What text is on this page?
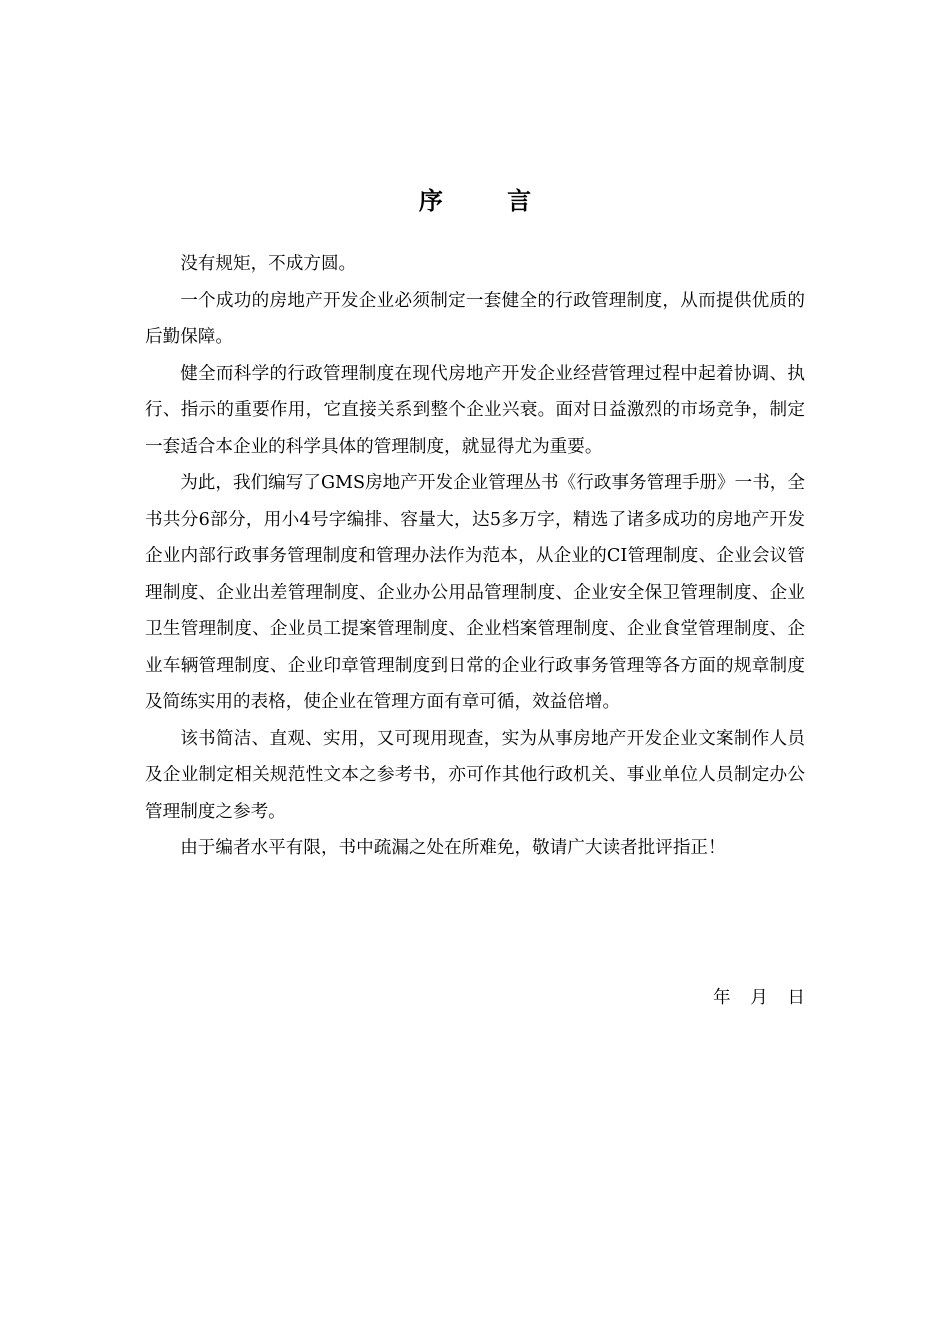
序 言

没有规矩，不成方圆。

一个成功的房地产开发企业必须制定一套健全的行政管理制度，从而提供优质的后勤保障。

健全而科学的行政管理制度在现代房地产开发企业经营管理过程中起着协调、执行、指示的重要作用，它直接关系到整个企业兴衰。面对日益激烈的市场竞争，制定一套适合本企业的科学具体的管理制度，就显得尤为重要。

为此，我们编写了GMS房地产开发企业管理丛书《行政事务管理手册》一书，全书共分6部分，用小4号字编排、容量大，达5多万字，精选了诸多成功的房地产开发企业内部行政事务管理制度和管理办法作为范本，从企业的CI管理制度、企业会议管理制度、企业出差管理制度、企业办公用品管理制度、企业安全保卫管理制度、企业卫生管理制度、企业员工提案管理制度、企业档案管理制度、企业食堂管理制度、企业车辆管理制度、企业印章管理制度到日常的企业行政事务管理等各方面的规章制度及简练实用的表格，使企业在管理方面有章可循，效益倍增。

该书简洁、直观、实用，又可现用现查，实为从事房地产开发企业文案制作人员及企业制定相关规范性文本之参考书，亦可作其他行政机关、事业单位人员制定办公管理制度之参考。

由于编者水平有限，书中疏漏之处在所难免，敬请广大读者批评指正！

年 月 日
